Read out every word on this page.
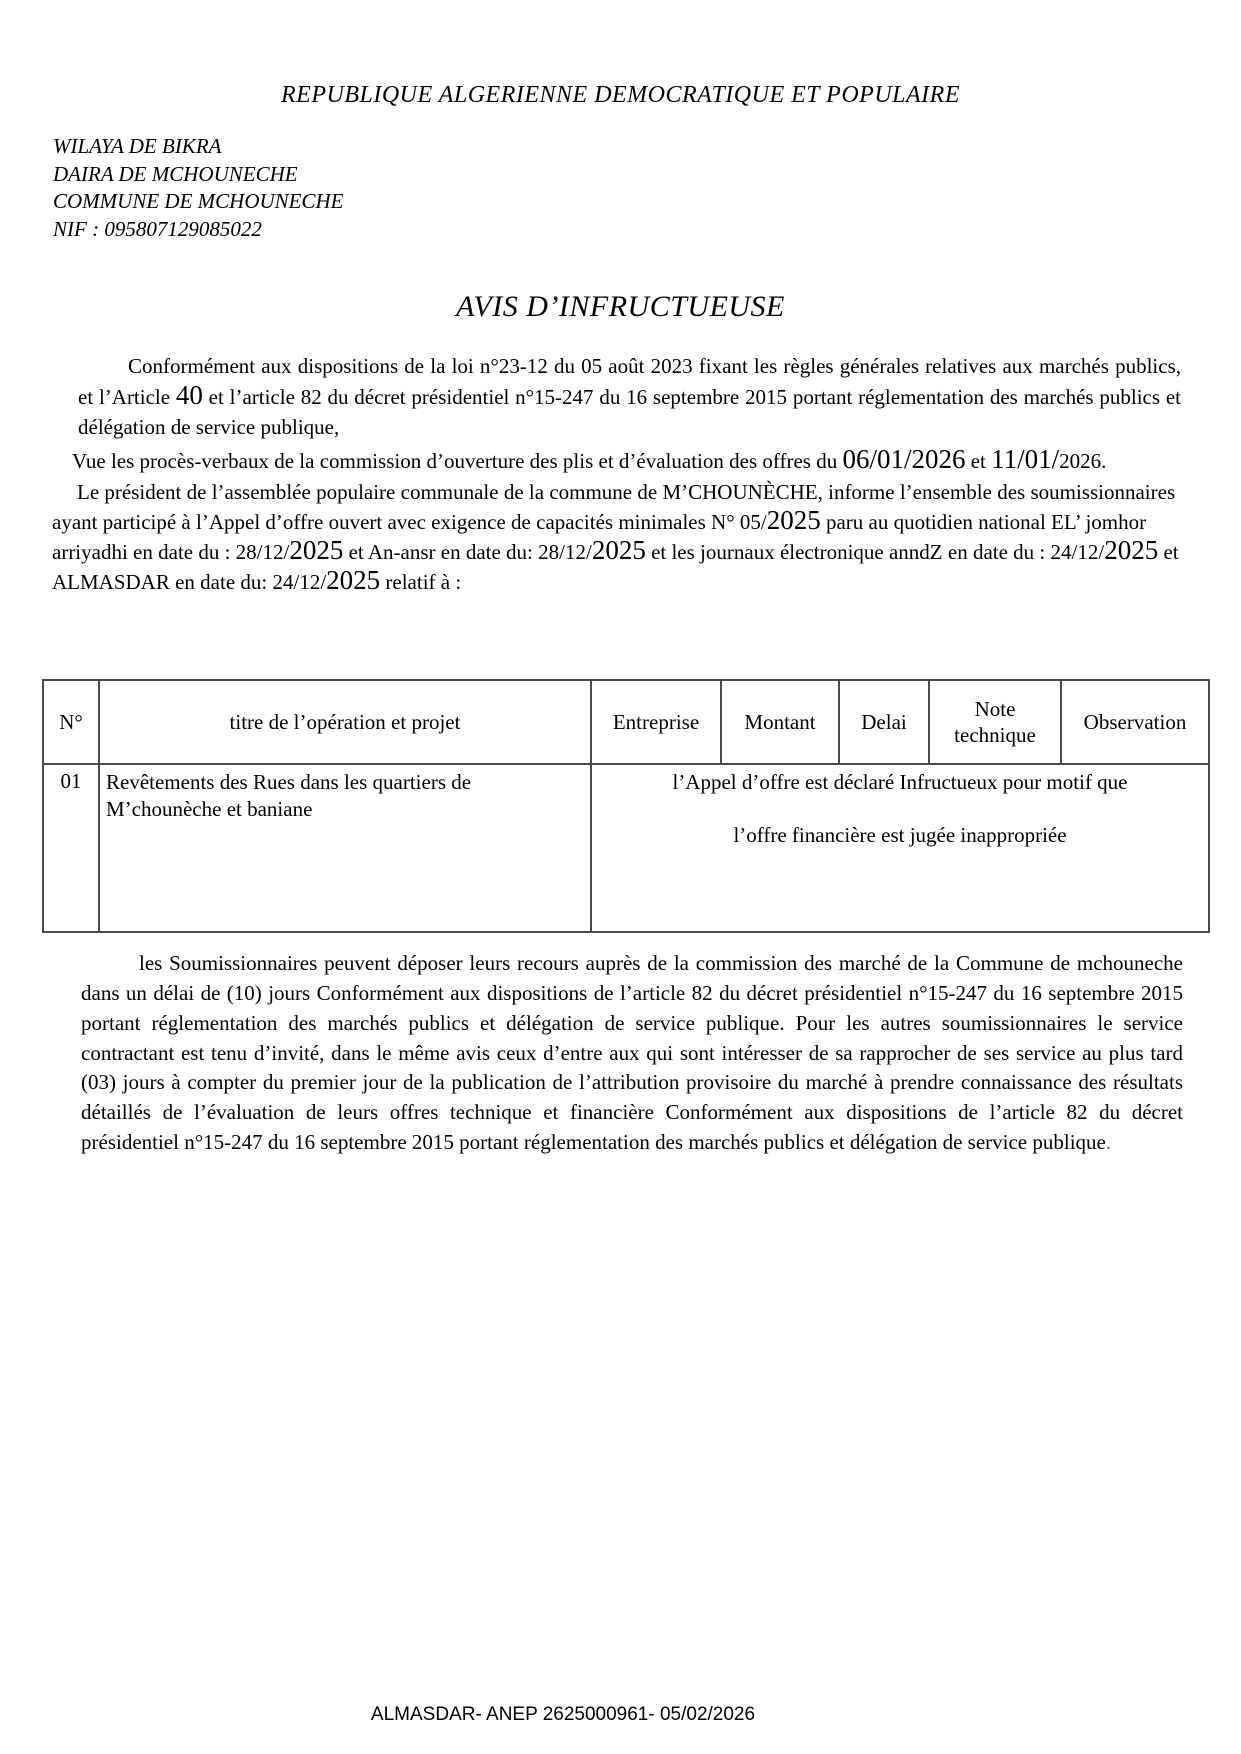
REPUBLIQUE ALGERIENNE DEMOCRATIQUE ET POPULAIRE
WILAYA DE BIKRA
DAIRA DE MCHOUNECHE
COMMUNE DE MCHOUNECHE
NIF : 095807129085022
AVIS D’INFRUCTUEUSE

Conformément aux dispositions de la loi n°23-12 du 05 août 2023 fixant les règles générales relatives aux marchés publics, et l’Article 40 et l’article 82 du décret présidentiel n°15-247 du 16 septembre 2015 portant réglementation des marchés publics et délégation de service publique,

Vue les procès-verbaux de la commission d’ouverture des plis et d’évaluation des offres du 06/01/2026 et 11/01/2026.

Le président de l’assemblée populaire communale de la commune de M’CHOUNÈCHE, informe l’ensemble des soumissionnaires ayant participé à l’Appel d’offre ouvert avec exigence de capacités minimales N° 05/2025 paru au quotidien national EL’ jomhor arriyadhi en date du : 28/12/2025 et An-ansr en date du: 28/12/2025 et les journaux électronique anndZ en date du : 24/12/2025 et ALMASDAR en date du: 24/12/2025 relatif à :

N°	titre de l’opération et projet	Entreprise	Montant	Delai	Note technique	Observation
01	Revêtements des Rues dans les quartiers de M’chounèche et baniane	l’Appel d’offre est déclaré Infructueux pour motif que
l’offre financière est jugée inappropriée				

les Soumissionnaires peuvent déposer leurs recours auprès de la commission des marché de la Commune de mchouneche dans un délai de (10) jours Conformément aux dispositions de l’article 82 du décret présidentiel n°15-247 du 16 septembre 2015 portant réglementation des marchés publics et délégation de service publique. Pour les autres soumissionnaires le service contractant est tenu d’invité, dans le même avis ceux d’entre aux qui sont intéresser de sa rapprocher de ses service au plus tard (03) jours à compter du premier jour de la publication de l’attribution provisoire du marché à prendre connaissance des résultats détaillés de l’évaluation de leurs offres technique et financière Conformément aux dispositions de l’article 82 du décret présidentiel n°15-247 du 16 septembre 2015 portant réglementation des marchés publics et délégation de service publique.

ALMASDAR- ANEP 2625000961- 05/02/2026
